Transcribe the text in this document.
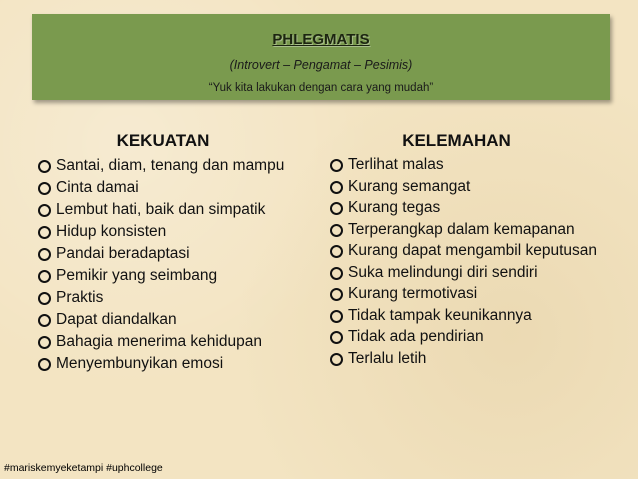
PHLEGMATIS
(Introvert – Pengamat – Pesimis)
“Yuk kita lakukan dengan cara yang mudah”
KEKUATAN
Santai, diam, tenang dan mampu
Cinta damai
Lembut hati, baik dan simpatik
Hidup konsisten
Pandai beradaptasi
Pemikir yang seimbang
Praktis
Dapat diandalkan
Bahagia menerima kehidupan
Menyembunyikan emosi
KELEMAHAN
Terlihat malas
Kurang semangat
Kurang tegas
Terperangkap dalam kemapanan
Kurang dapat mengambil keputusan
Suka melindungi diri sendiri
Kurang termotivasi
Tidak tampak keunikannya
Tidak ada pendirian
Terlalu letih
#mariskemyeketampi #uphcollege
